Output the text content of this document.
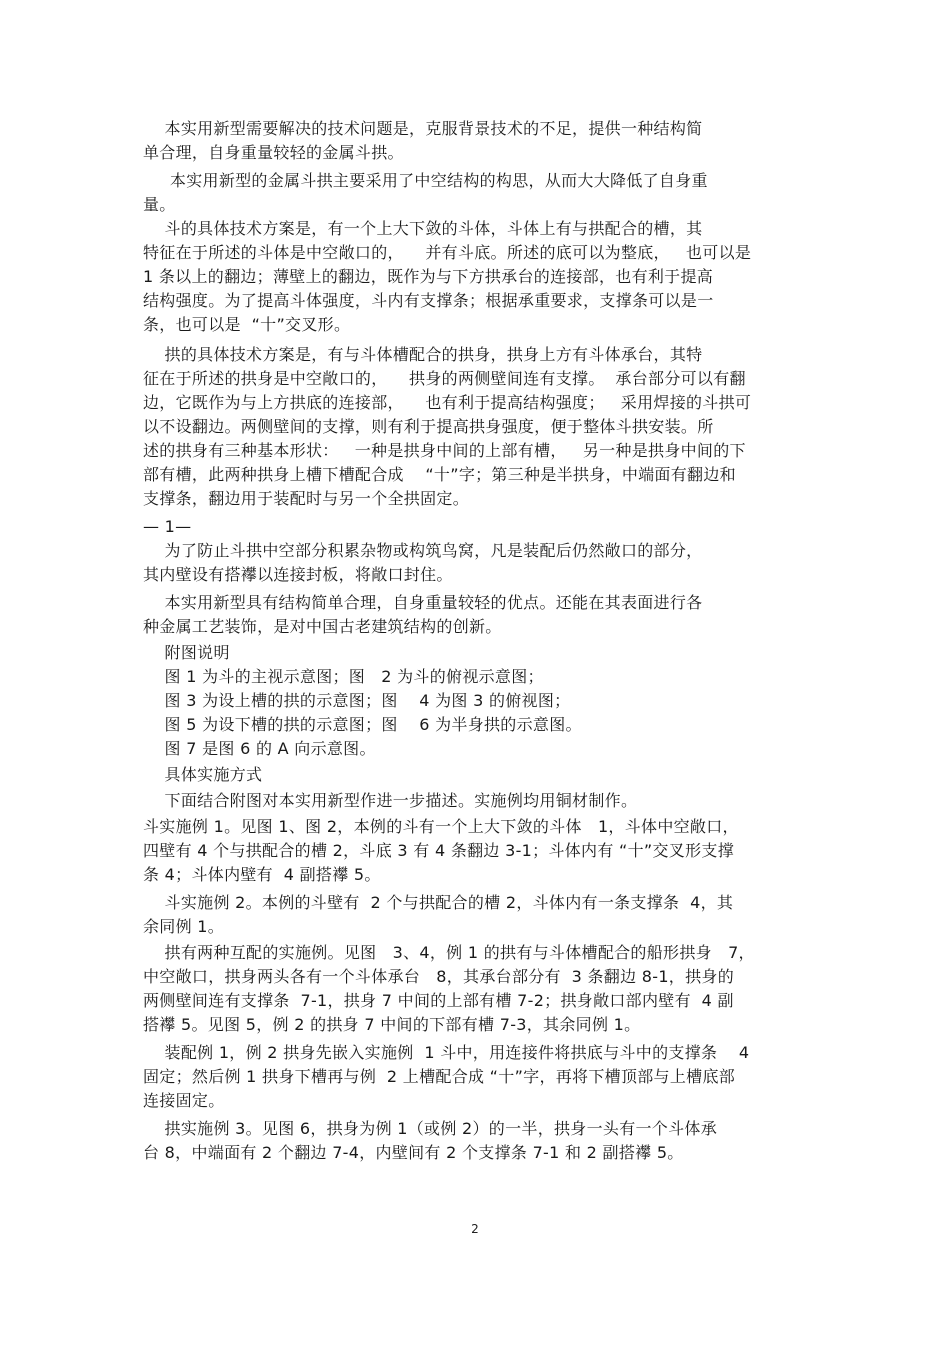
本实用新型需要解决的技术问题是，克服背景技术的不足，提供一种结构简
单合理，自身重量较轻的金属斗拱。
本实用新型的金属斗拱主要采用了中空结构的构思，从而大大降低了自身重
量。
斗的具体技术方案是，有一个上大下敛的斗体，斗体上有与拱配合的槽，其
特征在于所述的斗体是中空敞口的，    并有斗底。所述的底可以为整底，   也可以是
1 条以上的翻边；薄壁上的翻边，既作为与下方拱承台的连接部，也有利于提高
结构强度。为了提高斗体强度，斗内有支撑条；根据承重要求，支撑条可以是一
条，也可以是  “十”交叉形。
拱的具体技术方案是，有与斗体槽配合的拱身，拱身上方有斗体承台，其特
征在于所述的拱身是中空敞口的，    拱身的两侧壁间连有支撑。  承台部分可以有翻
边，它既作为与上方拱底的连接部，    也有利于提高结构强度；   采用焊接的斗拱可
以不设翻边。两侧壁间的支撑，则有利于提高拱身强度，便于整体斗拱安装。所
述的拱身有三种基本形状：   一种是拱身中间的上部有槽，   另一种是拱身中间的下
部有槽，此两种拱身上槽下槽配合成    “十”字；第三种是半拱身，中端面有翻边和
支撑条，翻边用于装配时与另一个全拱固定。
— 1—
为了防止斗拱中空部分积累杂物或构筑鸟窝，凡是装配后仍然敞口的部分，
其内壁设有搭襻以连接封板，将敞口封住。
本实用新型具有结构简单合理，自身重量较轻的优点。还能在其表面进行各
种金属工艺装饰，是对中国古老建筑结构的创新。
附图说明
图 1 为斗的主视示意图；图   2 为斗的俯视示意图；
图 3 为设上槽的拱的示意图；图    4 为图 3 的俯视图；
图 5 为设下槽的拱的示意图；图    6 为半身拱的示意图。
图 7 是图 6 的 A 向示意图。
具体实施方式
下面结合附图对本实用新型作进一步描述。实施例均用铜材制作。
斗实施例 1。见图 1、图 2，本例的斗有一个上大下敛的斗体   1，斗体中空敞口，
四壁有 4 个与拱配合的槽 2，斗底 3 有 4 条翻边 3-1；斗体内有 “十”交叉形支撑
条 4；斗体内壁有  4 副搭襻 5。
斗实施例 2。本例的斗壁有  2 个与拱配合的槽 2，斗体内有一条支撑条  4，其
余同例 1。
拱有两种互配的实施例。见图   3、4，例 1 的拱有与斗体槽配合的船形拱身   7，
中空敞口，拱身两头各有一个斗体承台   8，其承台部分有  3 条翻边 8-1，拱身的
两侧壁间连有支撑条  7-1，拱身 7 中间的上部有槽 7-2；拱身敞口部内壁有  4 副
搭襻 5。见图 5，例 2 的拱身 7 中间的下部有槽 7-3，其余同例 1。
装配例 1，例 2 拱身先嵌入实施例  1 斗中，用连接件将拱底与斗中的支撑条    4
固定；然后例 1 拱身下槽再与例  2 上槽配合成 “十”字，再将下槽顶部与上槽底部
连接固定。
拱实施例 3。见图 6，拱身为例 1（或例 2）的一半，拱身一头有一个斗体承
台 8，中端面有 2 个翻边 7-4，内壁间有 2 个支撑条 7-1 和 2 副搭襻 5。
2
